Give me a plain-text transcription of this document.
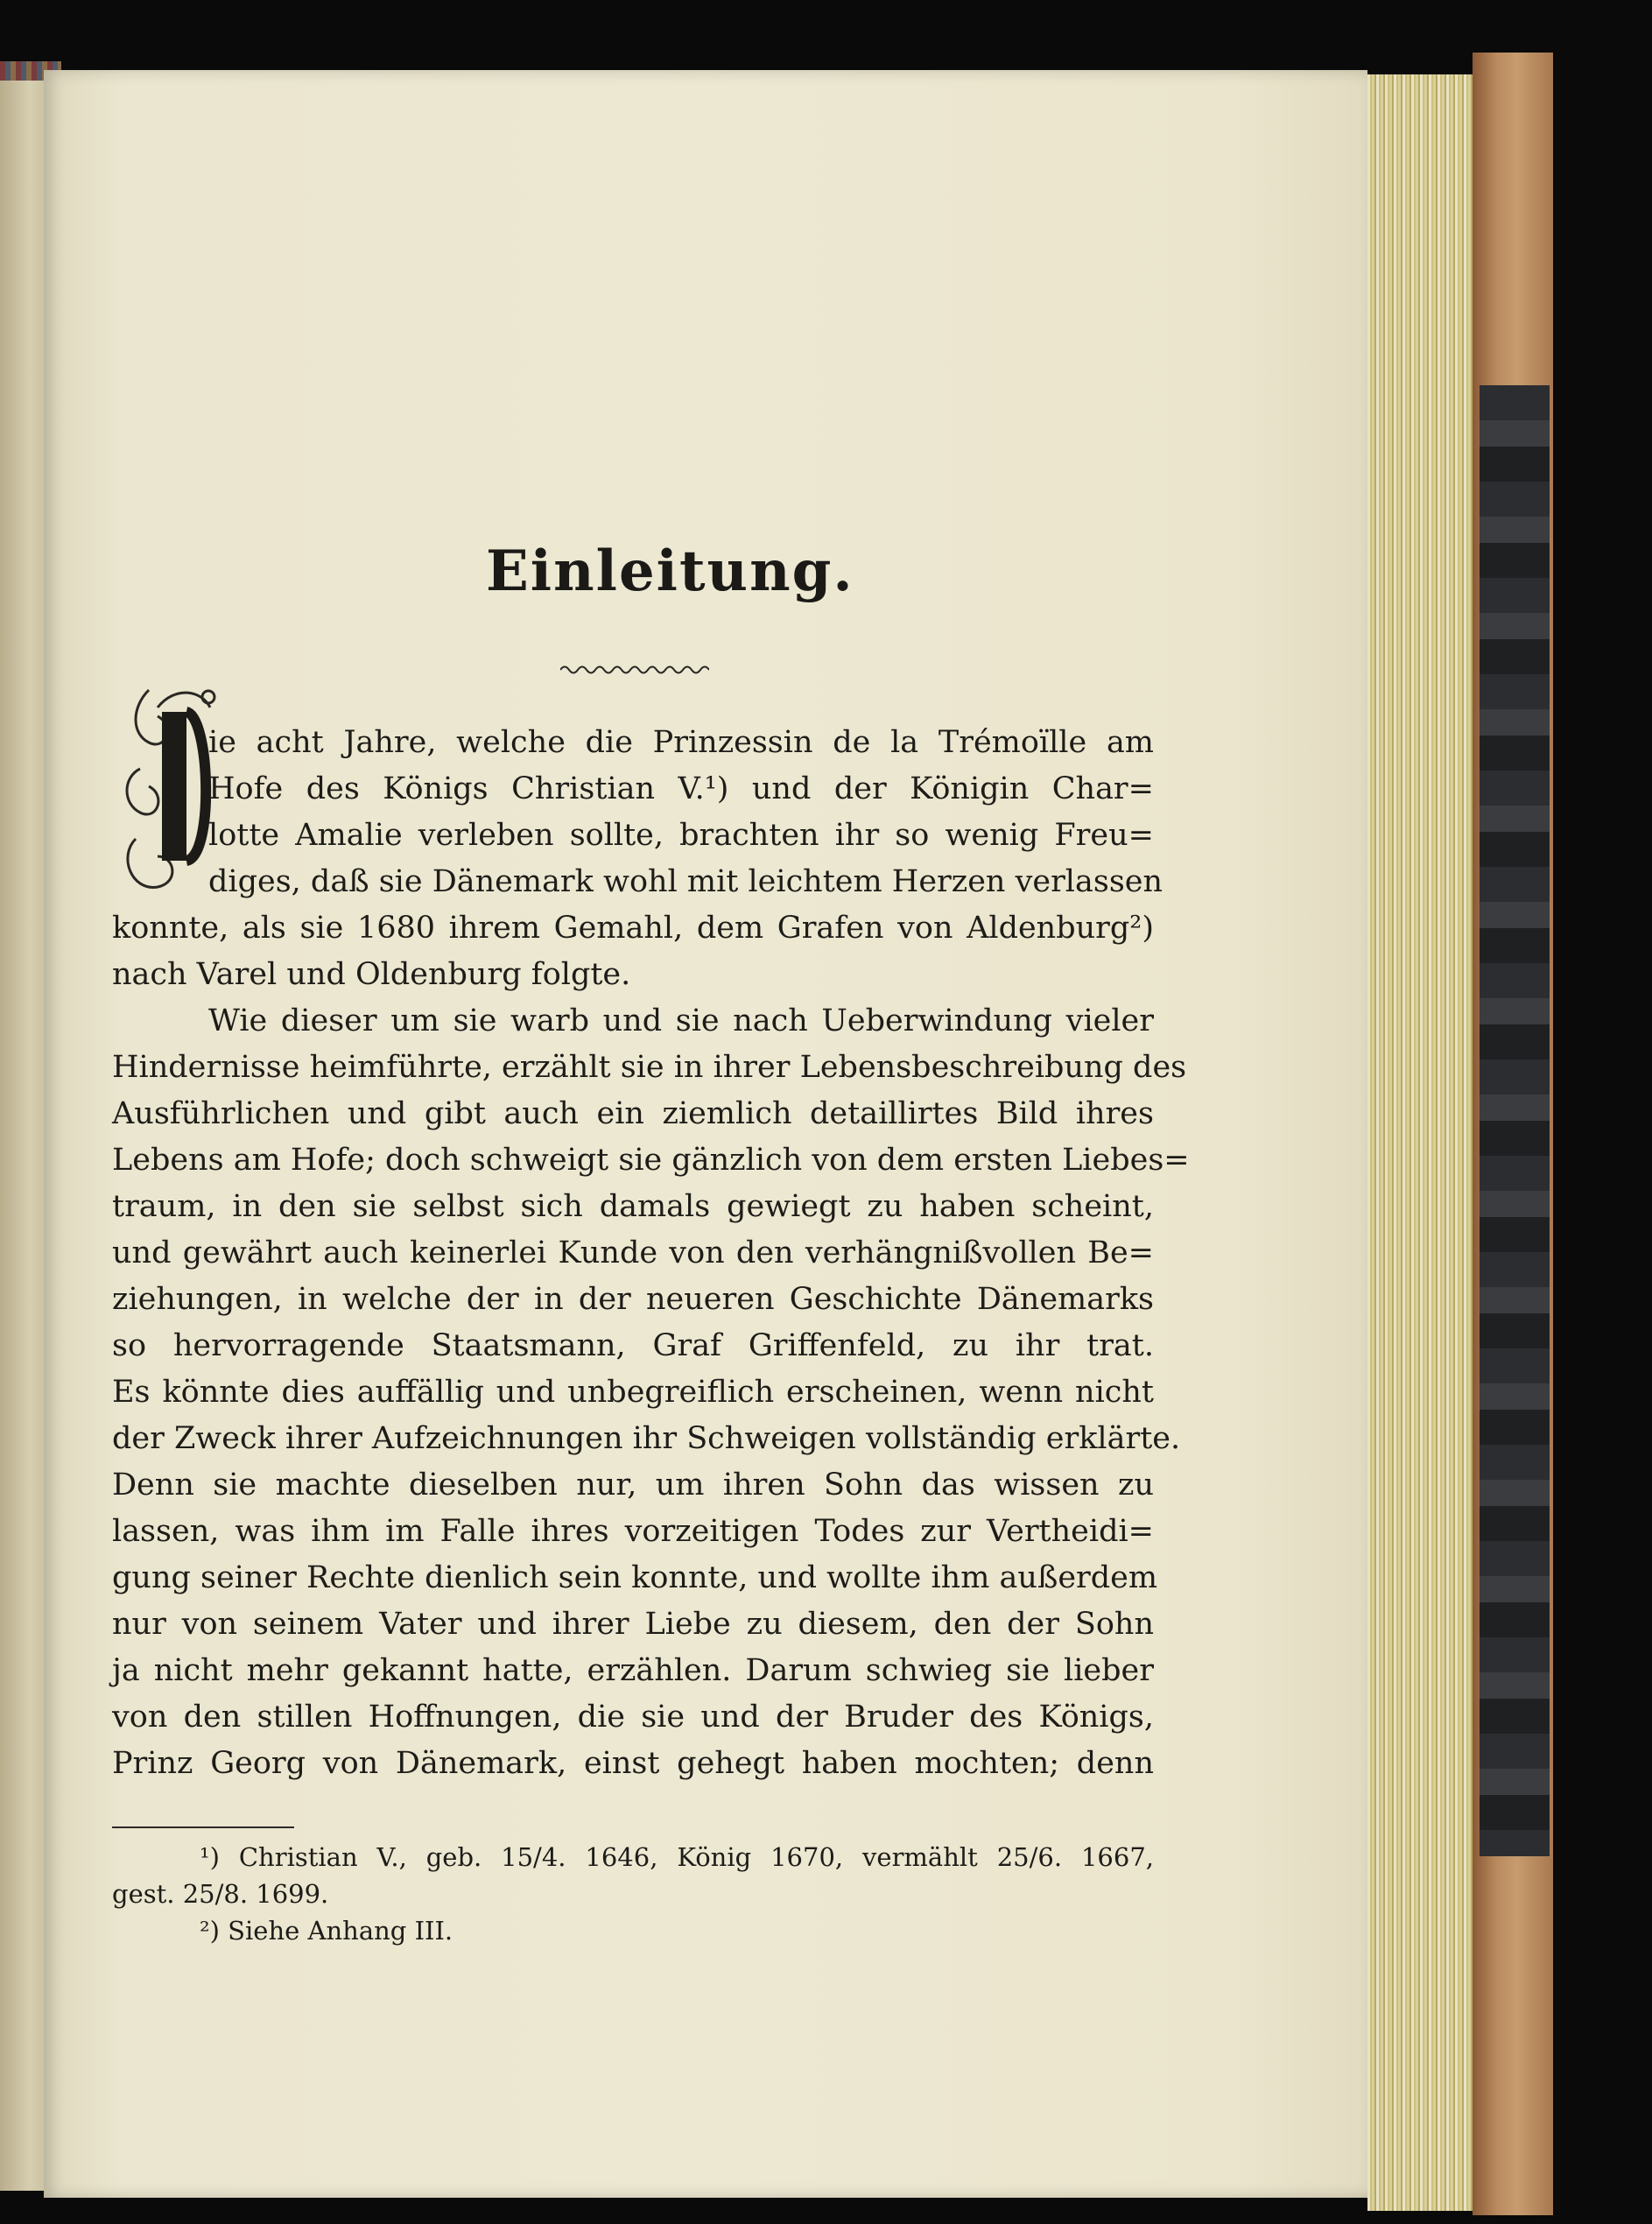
Einleitung.
ie acht Jahre, welche die Prinzessin de la Trémoïlle am
Hofe des Königs Christian V.¹) und der Königin Char=
lotte Amalie verleben sollte, brachten ihr so wenig Freu=
diges, daß sie Dänemark wohl mit leichtem Herzen verlassen
konnte, als sie 1680 ihrem Gemahl, dem Grafen von Aldenburg²)
nach Varel und Oldenburg folgte.
Wie dieser um sie warb und sie nach Ueberwindung vieler
Hindernisse heimführte, erzählt sie in ihrer Lebensbeschreibung des
Ausführlichen und gibt auch ein ziemlich detaillirtes Bild ihres
Lebens am Hofe; doch schweigt sie gänzlich von dem ersten Liebes=
traum, in den sie selbst sich damals gewiegt zu haben scheint,
und gewährt auch keinerlei Kunde von den verhängnißvollen Be=
ziehungen, in welche der in der neueren Geschichte Dänemarks
so hervorragende Staatsmann, Graf Griffenfeld, zu ihr trat.
Es könnte dies auffällig und unbegreiflich erscheinen, wenn nicht
der Zweck ihrer Aufzeichnungen ihr Schweigen vollständig erklärte.
Denn sie machte dieselben nur, um ihren Sohn das wissen zu
lassen, was ihm im Falle ihres vorzeitigen Todes zur Vertheidi=
gung seiner Rechte dienlich sein konnte, und wollte ihm außerdem
nur von seinem Vater und ihrer Liebe zu diesem, den der Sohn
ja nicht mehr gekannt hatte, erzählen. Darum schwieg sie lieber
von den stillen Hoffnungen, die sie und der Bruder des Königs,
Prinz Georg von Dänemark, einst gehegt haben mochten; denn
¹) Christian V., geb. 15/4. 1646, König 1670, vermählt 25/6. 1667,
gest. 25/8. 1699.
²) Siehe Anhang III.
